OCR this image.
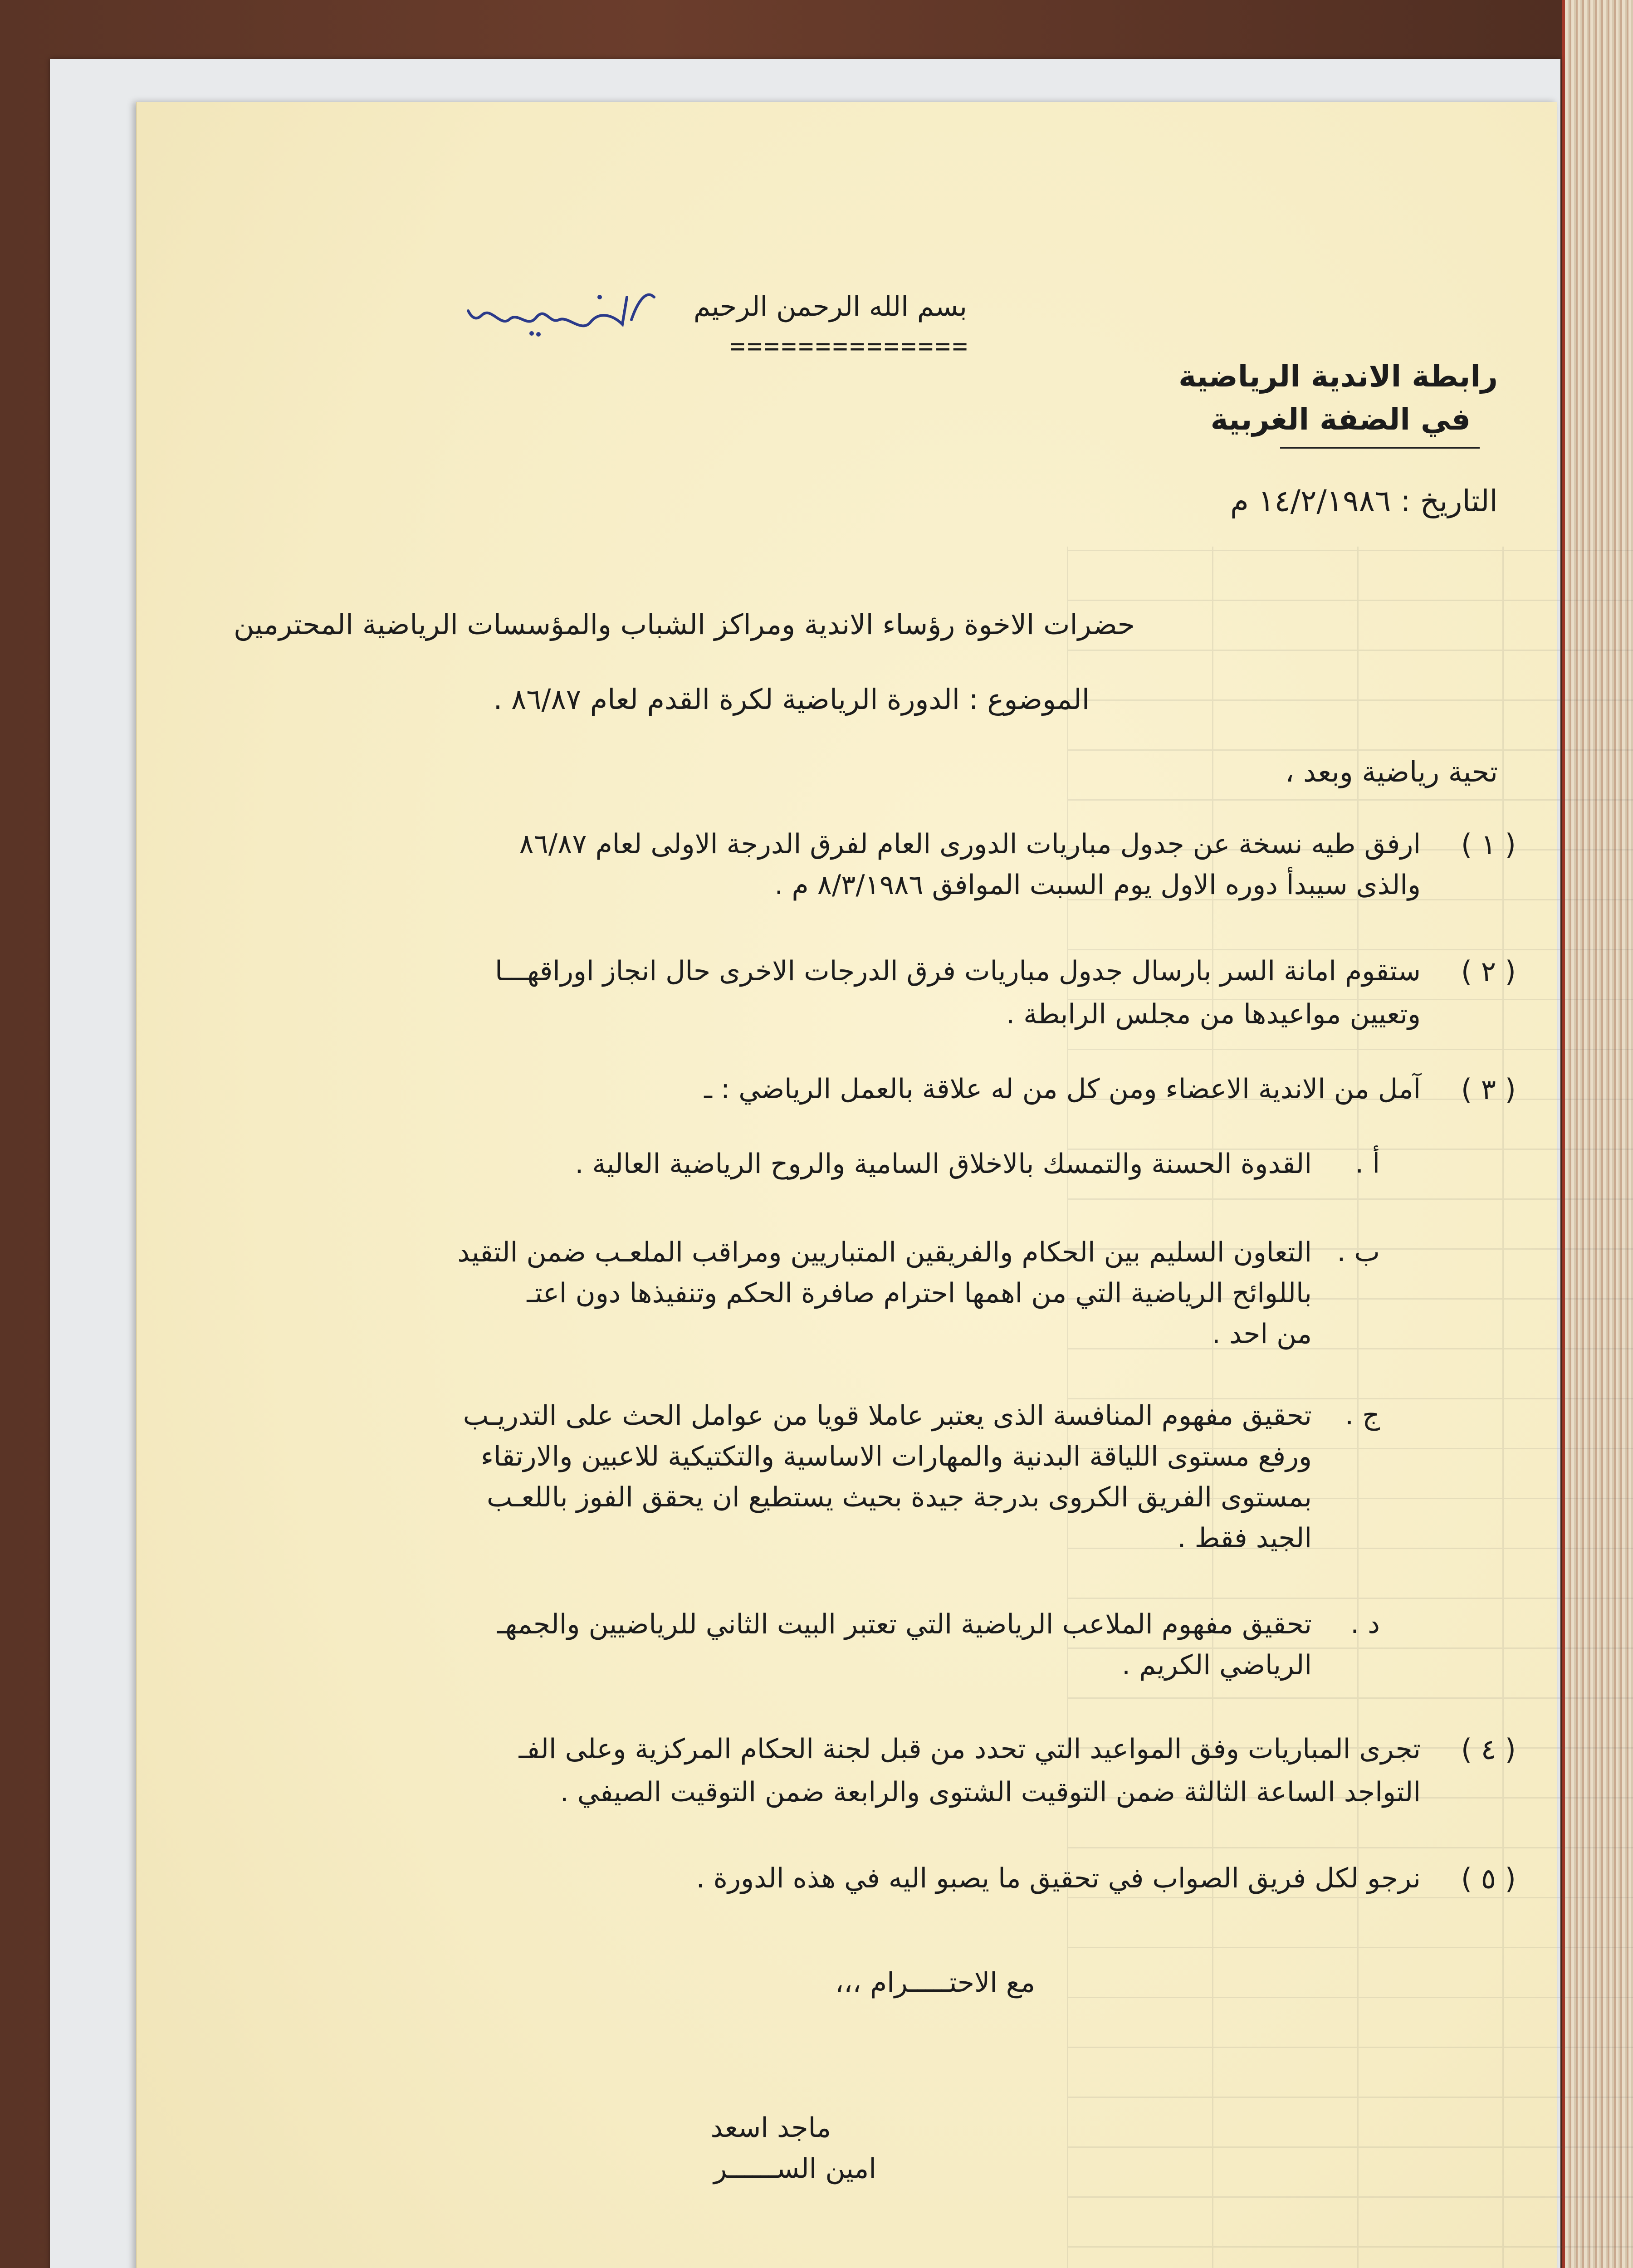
بسم الله الرحمن الرحيم
==============
رابطة الاندية الرياضية
في الضفة الغربية
التاريخ : ١٤/٢/١٩٨٦ م
حضرات الاخوة رؤساء الاندية ومراكز الشباب والمؤسسات الرياضية المحترمين
الموضوع : الدورة الرياضية لكرة القدم لعام ٨٦/٨٧ .
تحية رياضية وبعد ،
( ١ )
ارفق طيه نسخة عن جدول مباريات الدورى العام لفرق الدرجة الاولى لعام ٨٦/٨٧
والذى سيبدأ دوره الاول يوم السبت الموافق ٨/٣/١٩٨٦ م .
( ٢ )
ستقوم امانة السر بارسال جدول مباريات فرق الدرجات الاخرى حال انجاز اوراقهـــا
وتعيين مواعيدها من مجلس الرابطة .
( ٣ )
آمل من الاندية الاعضاء ومن كل من له علاقة بالعمل الرياضي : ـ
أ .
القدوة الحسنة والتمسك بالاخلاق السامية والروح الرياضية العالية .
ب .
التعاون السليم بين الحكام والفريقين المتباريين ومراقب الملعـب ضمن التقيد
باللوائح الرياضية التي من اهمها احترام صافرة الحكم وتنفيذها دون اعتـ
من احد .
ج .
تحقيق مفهوم المنافسة الذى يعتبر عاملا قويا من عوامل الحث على التدريـب
ورفع مستوى اللياقة البدنية والمهارات الاساسية والتكتيكية للاعبين والارتقاء
بمستوى الفريق الكروى بدرجة جيدة بحيث يستطيع ان يحقق الفوز باللعـب
الجيد فقط .
د .
تحقيق مفهوم الملاعب الرياضية التي تعتبر البيت الثاني للرياضيين والجمهـ
الرياضي الكريم .
( ٤ )
تجرى المباريات وفق المواعيد التي تحدد من قبل لجنة الحكام المركزية وعلى الفـ
التواجد الساعة الثالثة ضمن التوقيت الشتوى والرابعة ضمن التوقيت الصيفي .
( ٥ )
نرجو لكل فريق الصواب في تحقيق ما يصبو اليه في هذه الدورة .
مع الاحتـــــرام ،،،
ماجد اسعد
امين الســــــر
